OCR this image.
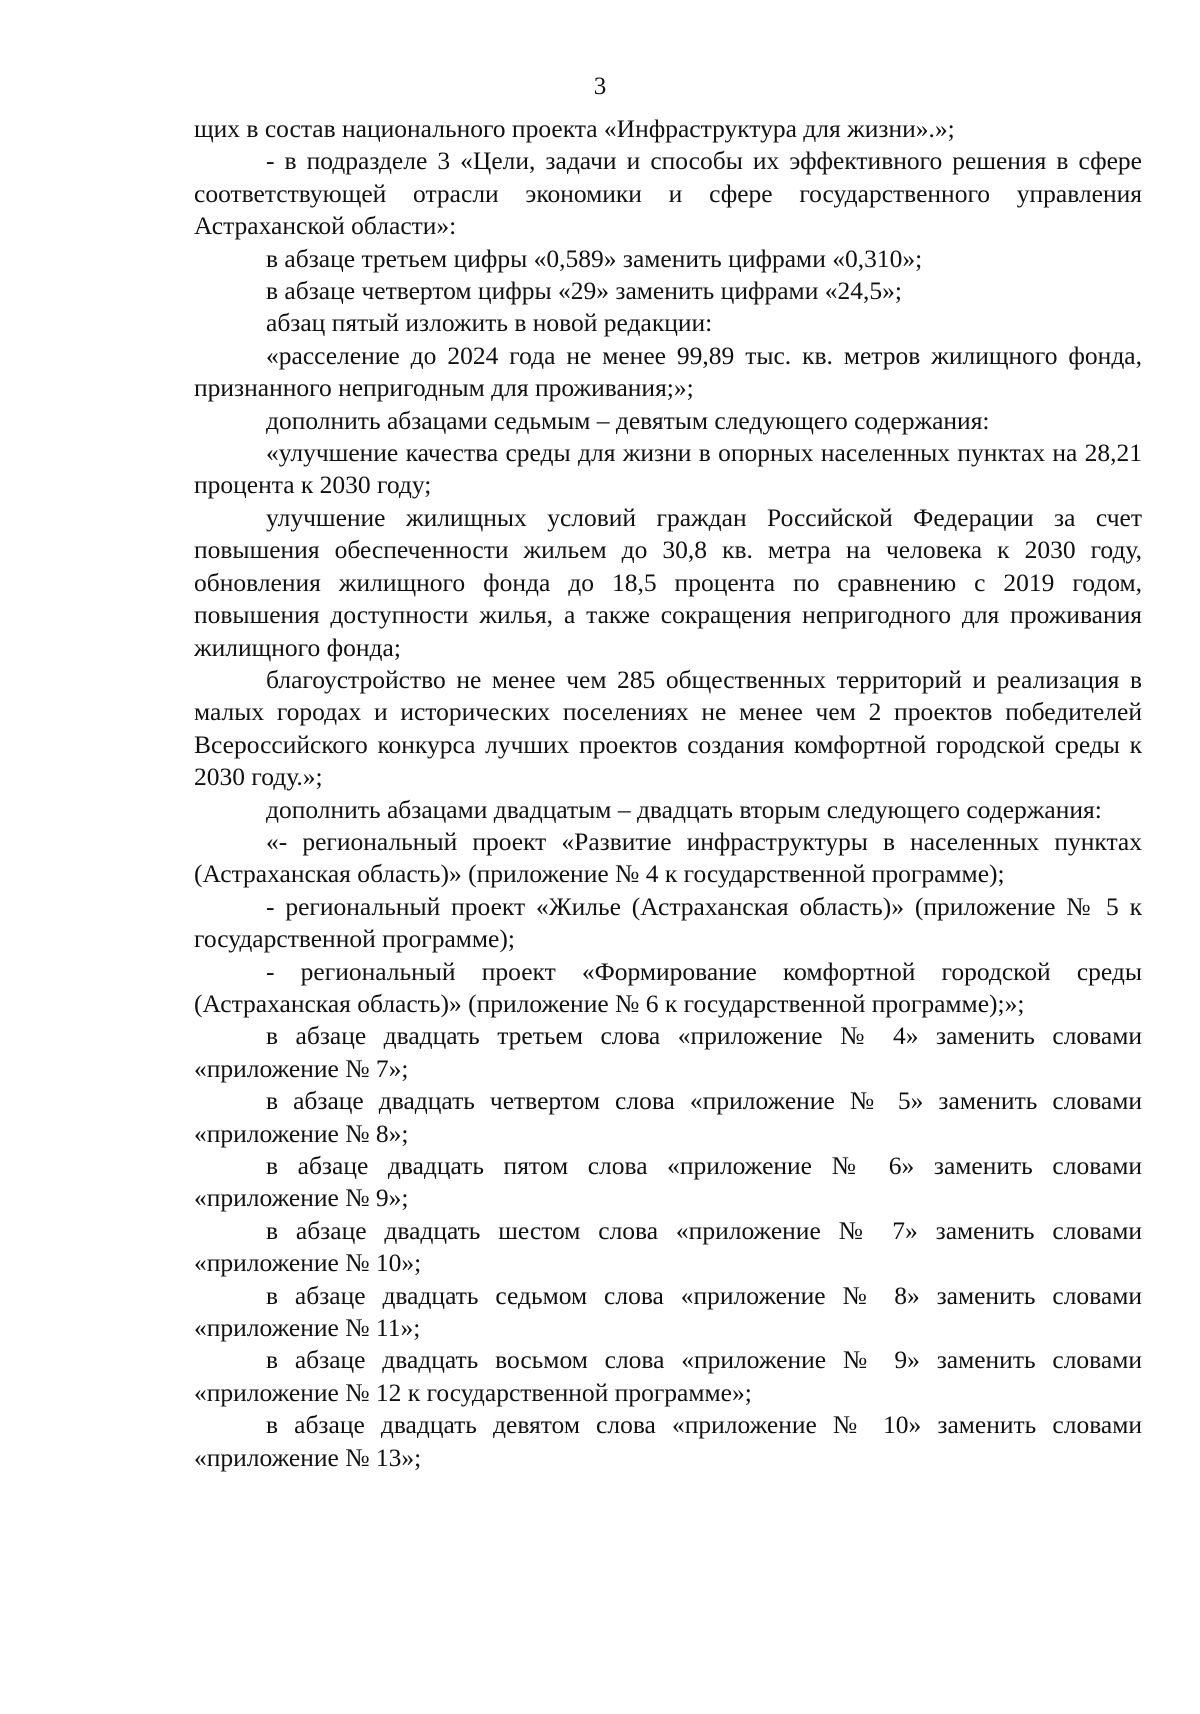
3

щих в состав национального проекта «Инфраструктура для жизни».»;

- в подразделе 3 «Цели, задачи и способы их эффективного решения в сфере соответствующей отрасли экономики и сфере государственного управления Астраханской области»:

в абзаце третьем цифры «0,589» заменить цифрами «0,310»;

в абзаце четвертом цифры «29» заменить цифрами «24,5»;

абзац пятый изложить в новой редакции:

«расселение до 2024 года не менее 99,89 тыс. кв. метров жилищного фонда, признанного непригодным для проживания;»;

дополнить абзацами седьмым – девятым следующего содержания:

«улучшение качества среды для жизни в опорных населенных пунктах на 28,21 процента к 2030 году;

улучшение жилищных условий граждан Российской Федерации за счет повышения обеспеченности жильем до 30,8 кв. метра на человека к 2030 году, обновления жилищного фонда до 18,5 процента по сравнению с 2019 годом, повышения доступности жилья, а также сокращения непригодного для проживания жилищного фонда;

благоустройство не менее чем 285 общественных территорий и реализация в малых городах и исторических поселениях не менее чем 2 проектов победителей Всероссийского конкурса лучших проектов создания комфортной городской среды к 2030 году.»;

дополнить абзацами двадцатым – двадцать вторым следующего содержания:

«- региональный проект «Развитие инфраструктуры в населенных пунктах (Астраханская область)» (приложение № 4 к государственной программе);

- региональный проект «Жилье (Астраханская область)» (приложение № 5 к государственной программе);

- региональный проект «Формирование комфортной городской среды (Астраханская область)» (приложение № 6 к государственной программе);»;

в абзаце двадцать третьем слова «приложение № 4» заменить словами «приложение № 7»;

в абзаце двадцать четвертом слова «приложение № 5» заменить словами «приложение № 8»;

в абзаце двадцать пятом слова «приложение № 6» заменить словами «приложение № 9»;

в абзаце двадцать шестом слова «приложение № 7» заменить словами «приложение № 10»;

в абзаце двадцать седьмом слова «приложение № 8» заменить словами «приложение № 11»;

в абзаце двадцать восьмом слова «приложение № 9» заменить словами «приложение № 12 к государственной программе»;

в абзаце двадцать девятом слова «приложение № 10» заменить словами «приложение № 13»;
